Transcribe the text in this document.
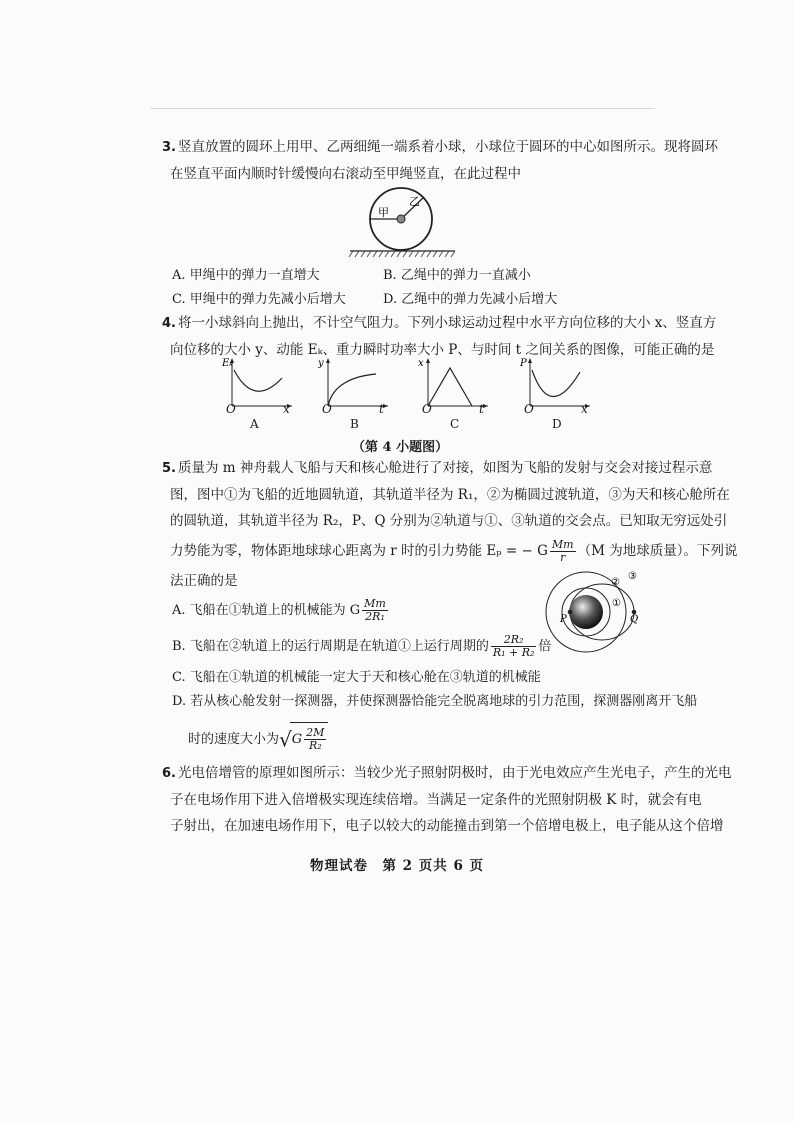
3. 竖直放置的圆环上用甲、乙两细绳一端系着小球，小球位于圆环的中心如图所示。现将圆环
在竖直平面内顺时针缓慢向右滚动至甲绳竖直，在此过程中
甲
乙
A. 甲绳中的弹力一直增大	B. 乙绳中的弹力一直减小
C. 甲绳中的弹力先减小后增大	D. 乙绳中的弹力先减小后增大
4. 将一小球斜向上抛出，不计空气阻力。下列小球运动过程中水平方向位移的大小 x、竖直方
向位移的大小 y、动能 Eₖ、重力瞬时功率大小 P、与时间 t 之间关系的图像，可能正确的是
Eₖ	y	x	P
O	x	O	t	O	t	O	x
A	B	C	D
（第 4 小题图）
5. 质量为 m 神舟载人飞船与天和核心舱进行了对接，如图为飞船的发射与交会对接过程示意
图，图中①为飞船的近地圆轨道，其轨道半径为 R₁，②为椭圆过渡轨道，③为天和核心舱所在
的圆轨道，其轨道半径为 R₂，P、Q 分别为②轨道与①、③轨道的交会点。已知取无穷远处引
力势能为零，物体距地球球心距离为 r 时的引力势能 Eₚ = − G $\frac{Mm}{r} (M$ 为地球质量）。下列说
法正确的是
A. 飞船在①轨道上的机械能为 G $\frac{Mm}{\text{2R₁}}$
B. 飞船在②轨道上的运行周期是在轨道①上运行周期的 $\frac{\text{2R₂}}{\text{R₁ + R₂}}$ 倍
C. 飞船在①轨道的机械能一定大于天和核心舱在③轨道的机械能
D. 若从核心舱发射一探测器，并使探测器恰能完全脱离地球的引力范围，探测器刚离开飞船
时的速度大小为$√G \frac{2M}{\text{R₂}}$
P	Q
①
②
③
6. 光电倍增管的原理如图所示：当较少光子照射阴极时，由于光电效应产生光电子，产生的光电
子在电场作用下进入倍增极实现连续倍增。当满足一定条件的光照射阴极 K 时，就会有电
子射出，在加速电场作用下，电子以较大的动能撞击到第一个倍增电极上，电子能从这个倍增
物理试卷　第 2 页共 6 页
